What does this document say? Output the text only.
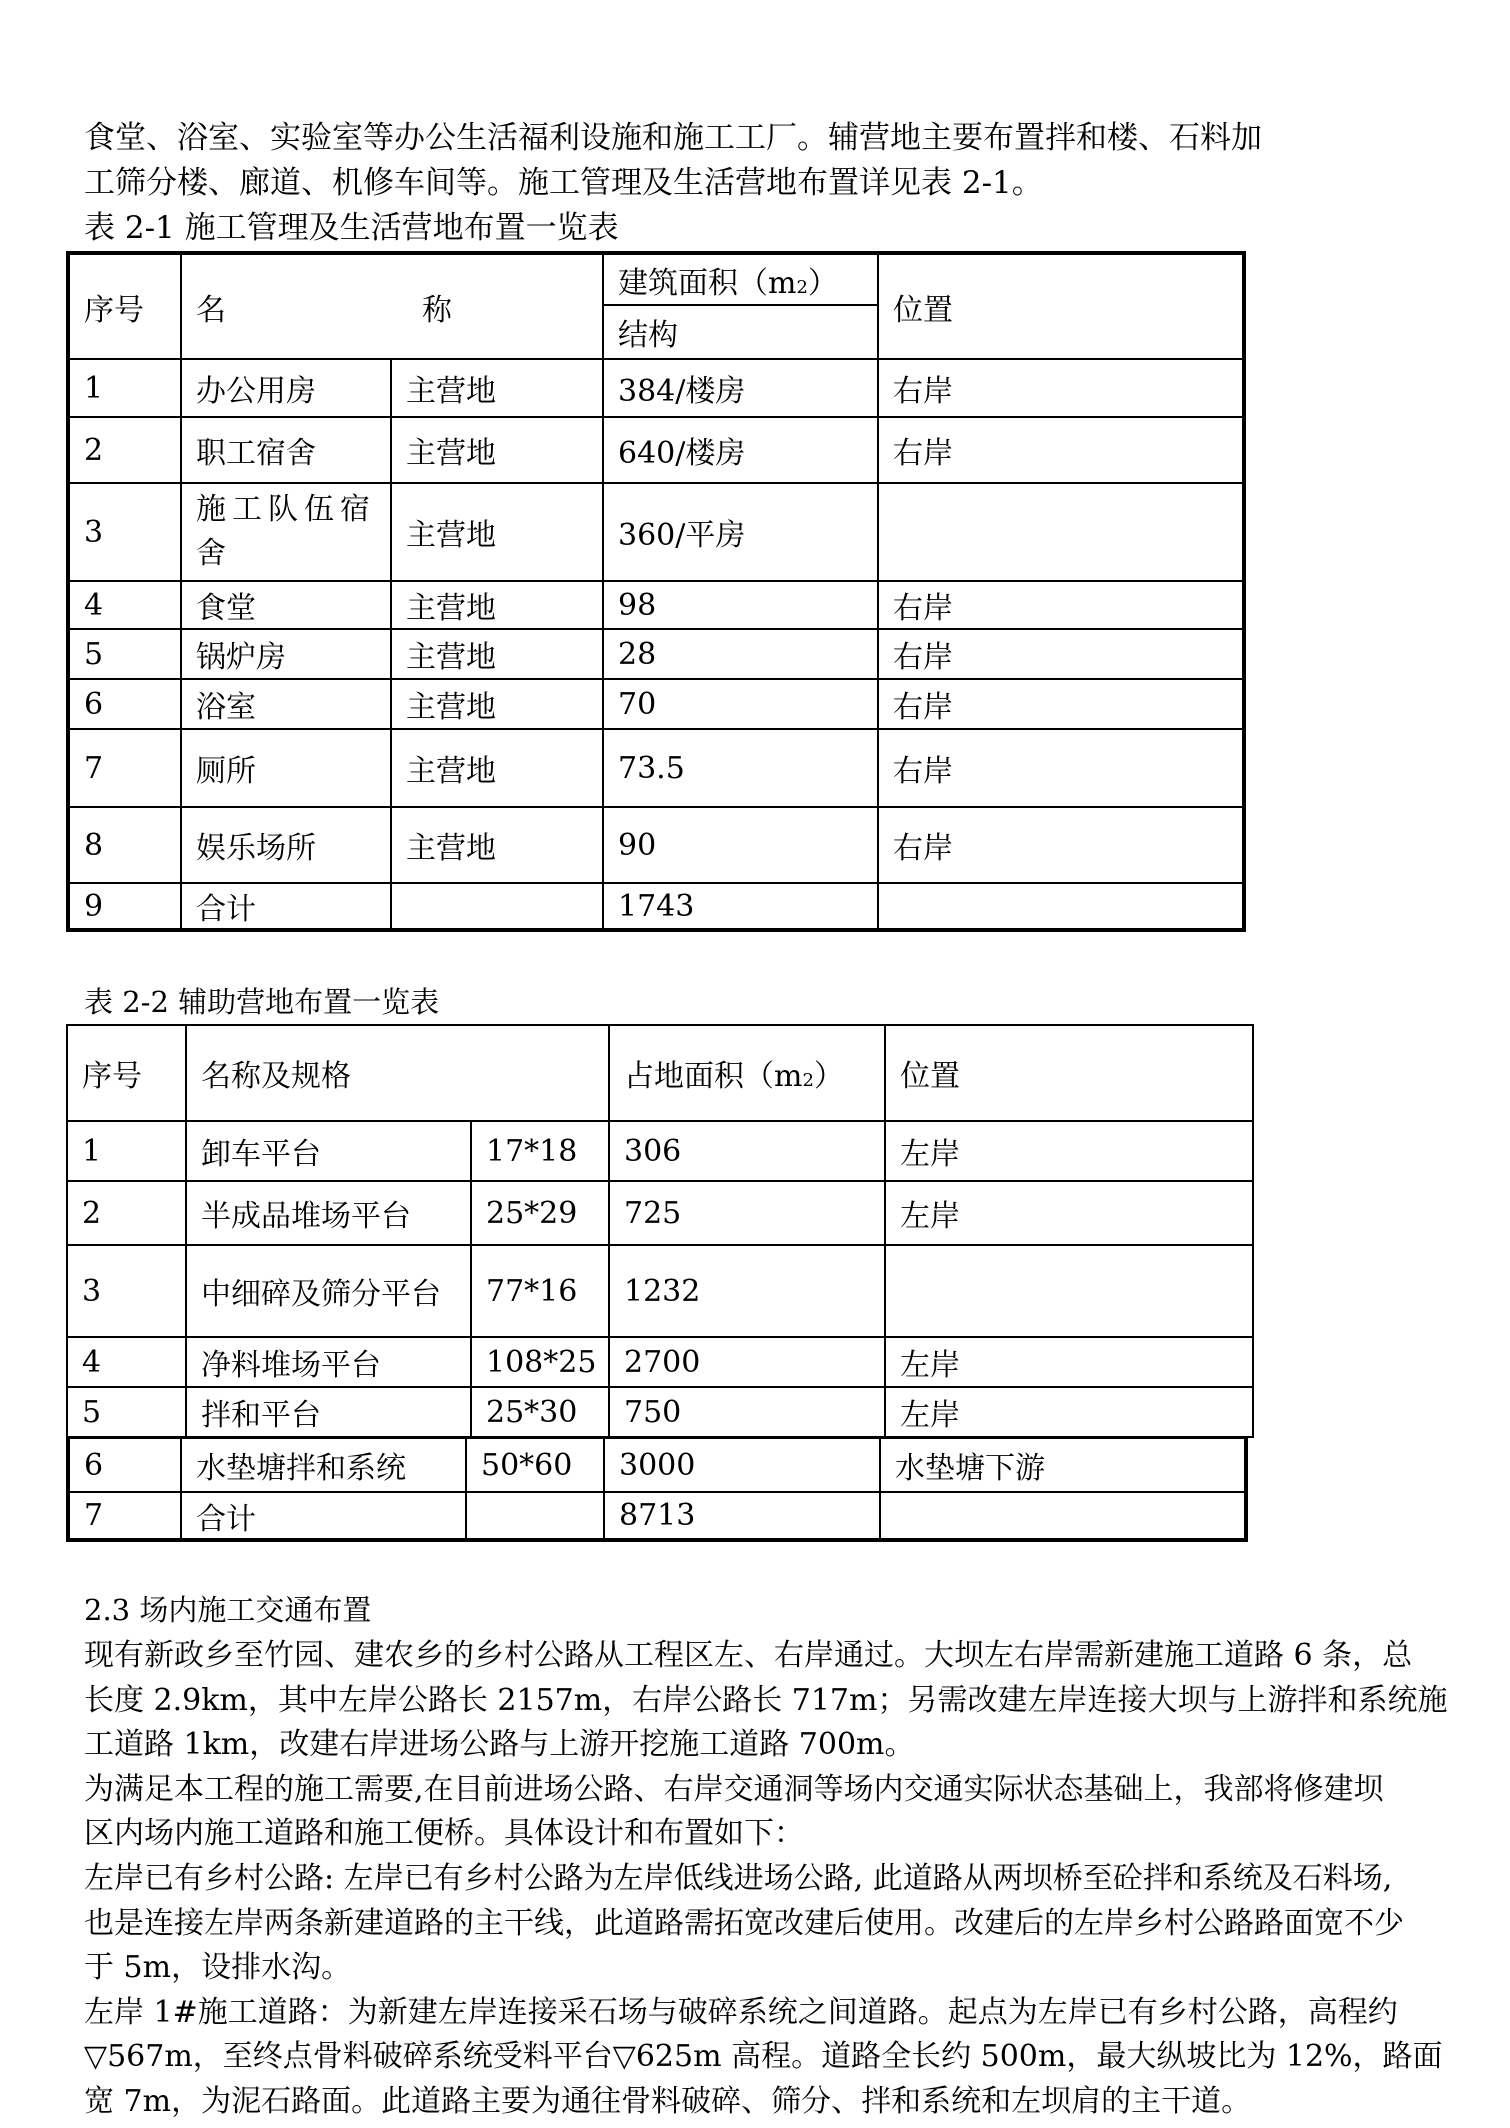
食堂、浴室、实验室等办公生活福利设施和施工工厂。辅营地主要布置拌和楼、石料加
工筛分楼、廊道、机修车间等。施工管理及生活营地布置详见表 2-1。

表 2-1 施工管理及生活营地布置一览表
序号	名 称		建筑面积（m2）	位置
			结构	
1	办公用房	主营地	384/楼房	右岸
2	职工宿舍	主营地	640/楼房	右岸
3	施工队伍宿舍	主营地	360/平房	
4	食堂	主营地	98	右岸
5	锅炉房	主营地	28	右岸
6	浴室	主营地	70	右岸
7	厕所	主营地	73.5	右岸
8	娱乐场所	主营地	90	右岸
9	合计		1743	
表 2-2 辅助营地布置一览表
序号	名称及规格		占地面积（m2）	位置
1	卸车平台	17*18	306	左岸
2	半成品堆场平台	25*29	725	左岸
3	中细碎及筛分平台	77*16	1232	
4	净料堆场平台	108*25	2700	左岸
5	拌和平台	25*30	750	左岸
6	水垫塘拌和系统	50*60	3000	水垫塘下游
7	合计		8713	
2.3 场内施工交通布置
现有新政乡至竹园、建农乡的乡村公路从工程区左、右岸通过。大坝左右岸需新建施工道路 6 条，总
长度 2.9km，其中左岸公路长 2157m，右岸公路长 717m；另需改建左岸连接大坝与上游拌和系统施
工道路 1km，改建右岸进场公路与上游开挖施工道路 700m。
为满足本工程的施工需要,在目前进场公路、右岸交通洞等场内交通实际状态基础上，我部将修建坝
区内场内施工道路和施工便桥。具体设计和布置如下：
左岸已有乡村公路: 左岸已有乡村公路为左岸低线进场公路, 此道路从两坝桥至砼拌和系统及石料场,
也是连接左岸两条新建道路的主干线，此道路需拓宽改建后使用。改建后的左岸乡村公路路面宽不少
于 5m，设排水沟。
左岸 1#施工道路：为新建左岸连接采石场与破碎系统之间道路。起点为左岸已有乡村公路，高程约
▽567m，至终点骨料破碎系统受料平台▽625m 高程。道路全长约 500m，最大纵坡比为 12%，路面
宽 7m，为泥石路面。此道路主要为通往骨料破碎、筛分、拌和系统和左坝肩的主干道。
